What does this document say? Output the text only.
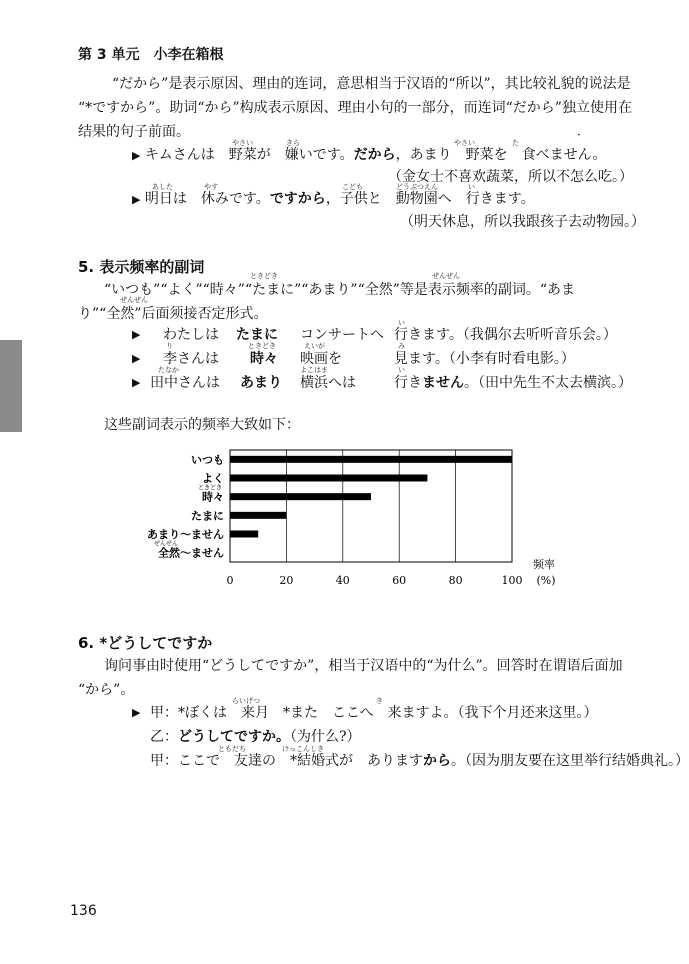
第 3 单元　小李在箱根
“だから”是表示原因、理由的连词，意思相当于汉语的“所以”，其比较礼貌的说法是
“*ですから”。助词“から”构成表示原因、理由小句的一部分，而连词“だから”独立使用在
结果的句子前面。	·
やさい	きら	やさい	た
▶ キムさんは　野菜が　嫌いです。だから，あまり　野菜を　食べません。
（金女士不喜欢蔬菜，所以不怎么吃。）
あした	やす	こども	どうぶつえん	い
▶ 明日は　休みです。ですから，子供と　動物園へ　行きます。
（明天休息，所以我跟孩子去动物园。）
5. 表示频率的副词	ときどき	ぜんぜん
“いつも”“よく”“時々”“たまに”“あまり”“全然”等是表示频率的副词。“あま
ぜんぜん
り”“全然”后面须接否定形式。
い
▶ わたしは たまに コンサートへ 行きます。（我偶尔去听听音乐会。）
り	ときどき	えいが	み
▶ 李さんは 時々 映画を	見ます。（小李有时看电影。）
たなか	よこはま	い
▶ 田中さんは あまり 横浜へは	行きません。（田中先生不太去横滨。）
这些副词表示的频率大致如下：
いつも
よく
時々
ときどき
たまに
あまり～ません
全然～ません
ぜんぜん
0	20	40	60	80	100
频率
(%)
6. *どうしてですか
询问事由时使用“どうしてですか”，相当于汉语中的“为什么”。回答时在谓语后面加
“から”。
らいげつ	き
▶ 甲：*ぼくは　来月　*また　ここへ　来ますよ。（我下个月还来这里。）
乙：どうしてですか。（为什么?）
ともだち	けっこんしき
甲：ここで　友達の　*結婚式が　ありますから。（因为朋友要在这里举行结婚典礼。）
136
